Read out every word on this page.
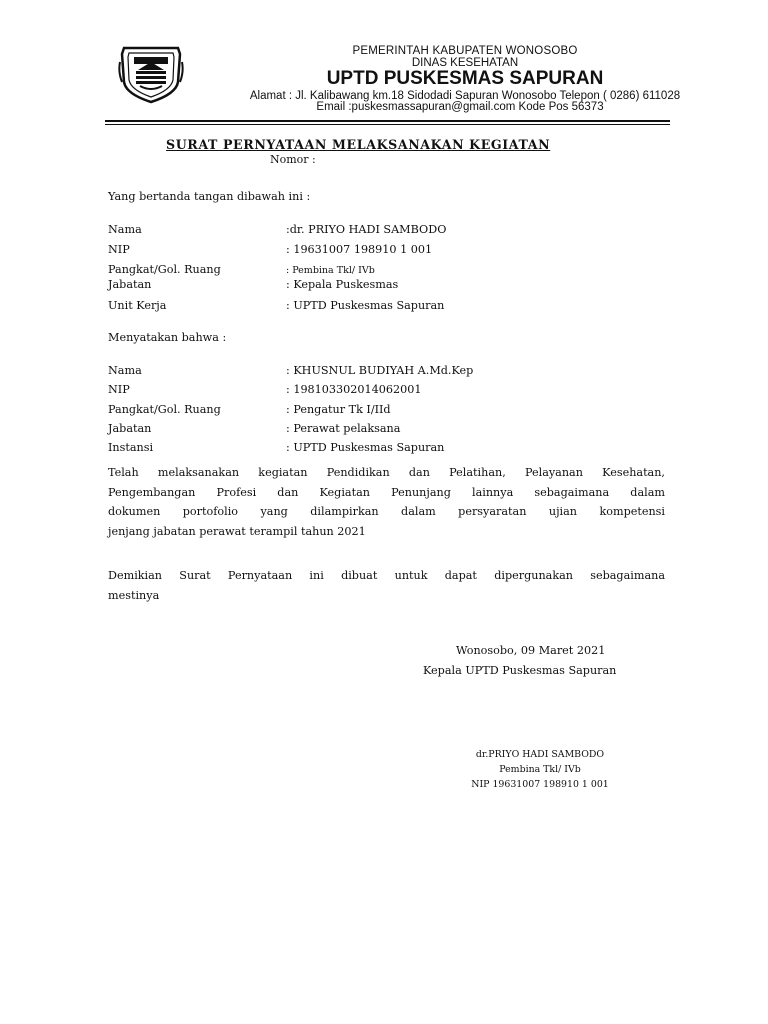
PEMERINTAH KABUPATEN WONOSOBO
DINAS KESEHATAN
UPTD PUSKESMAS SAPURAN
Alamat : Jl. Kalibawang km.18 Sidodadi Sapuran Wonosobo Telepon ( 0286) 611028
Email :puskesmassapuran@gmail.com Kode Pos 56373
SURAT PERNYATAAN MELAKSANAKAN KEGIATAN
Nomor :
Yang bertanda tangan dibawah ini :
Nama	:dr. PRIYO HADI SAMBODO
NIP	: 19631007 198910 1 001
Pangkat/Gol. Ruang	: Pembina Tkl/ IVb
Jabatan	: Kepala Puskesmas
Unit Kerja	: UPTD Puskesmas Sapuran
Menyatakan bahwa :
Nama	: KHUSNUL BUDIYAH A.Md.Kep
NIP	: 198103302014062001
Pangkat/Gol. Ruang	: Pengatur Tk I/IId
Jabatan	: Perawat pelaksana
Instansi	: UPTD Puskesmas Sapuran
Telah melaksanakan kegiatan Pendidikan dan Pelatihan, Pelayanan Kesehatan,
Pengembangan Profesi dan Kegiatan Penunjang lainnya sebagaimana dalam
dokumen portofolio yang dilampirkan dalam persyaratan ujian kompetensi
jenjang jabatan perawat terampil tahun 2021
Demikian Surat Pernyataan ini dibuat untuk dapat dipergunakan sebagaimana
mestinya
Wonosobo, 09 Maret 2021
Kepala UPTD Puskesmas Sapuran
dr.PRIYO HADI SAMBODO
Pembina Tkl/ IVb
NIP 19631007 198910 1 001
